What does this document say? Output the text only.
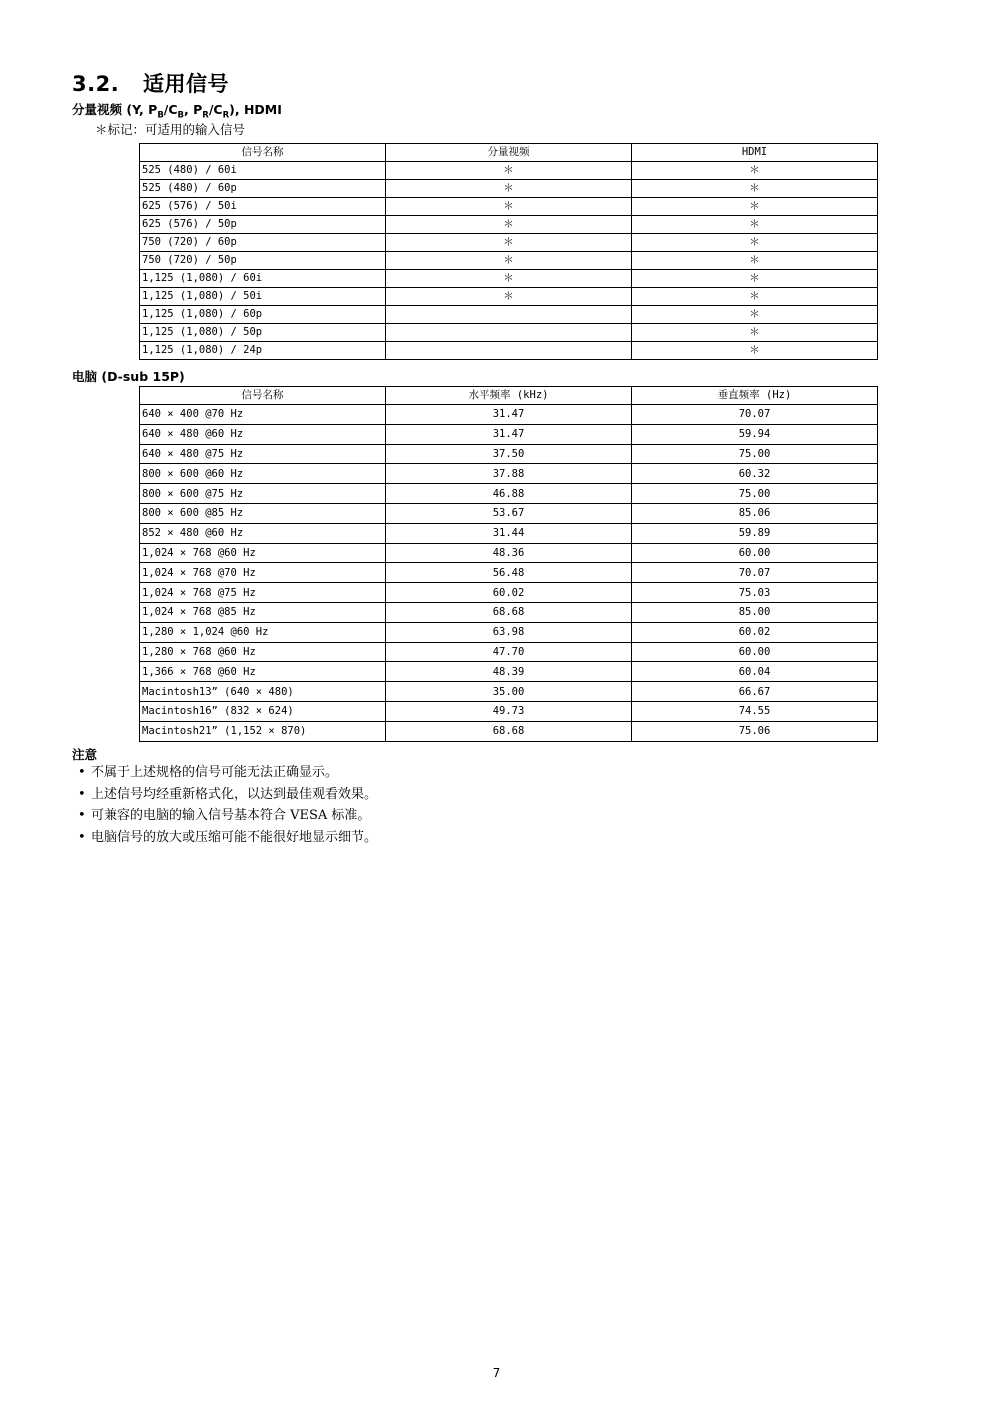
3.2. 适用信号
分量视频 (Y, $P_B/C_B$, $P_R/C_R$), HDMI
＊标记：可适用的输入信号
信号名称	分量视频	HDMI
525 (480) / 60i	＊	＊
525 (480) / 60p	＊	＊
625 (576) / 50i	＊	＊
625 (576) / 50p	＊	＊
750 (720) / 60p	＊	＊
750 (720) / 50p	＊	＊
1,125 (1,080) / 60i	＊	＊
1,125 (1,080) / 50i	＊	＊
1,125 (1,080) / 60p		＊
1,125 (1,080) / 50p		＊
1,125 (1,080) / 24p		＊
电脑 (D-sub 15P)
信号名称	水平频率 (kHz)	垂直频率 (Hz)
640 × 400 @70 Hz	31.47	70.07
640 × 480 @60 Hz	31.47	59.94
640 × 480 @75 Hz	37.50	75.00
800 × 600 @60 Hz	37.88	60.32
800 × 600 @75 Hz	46.88	75.00
800 × 600 @85 Hz	53.67	85.06
852 × 480 @60 Hz	31.44	59.89
1,024 × 768 @60 Hz	48.36	60.00
1,024 × 768 @70 Hz	56.48	70.07
1,024 × 768 @75 Hz	60.02	75.03
1,024 × 768 @85 Hz	68.68	85.00
1,280 × 1,024 @60 Hz	63.98	60.02
1,280 × 768 @60 Hz	47.70	60.00
1,366 × 768 @60 Hz	48.39	60.04
Macintosh13” (640 × 480)	35.00	66.67
Macintosh16” (832 × 624)	49.73	74.55
Macintosh21” (1,152 × 870)	68.68	75.06
注意
• 不属于上述规格的信号可能无法正确显示。
• 上述信号均经重新格式化，以达到最佳观看效果。
• 可兼容的电脑的输入信号基本符合 VESA 标准。
• 电脑信号的放大或压缩可能不能很好地显示细节。
7
